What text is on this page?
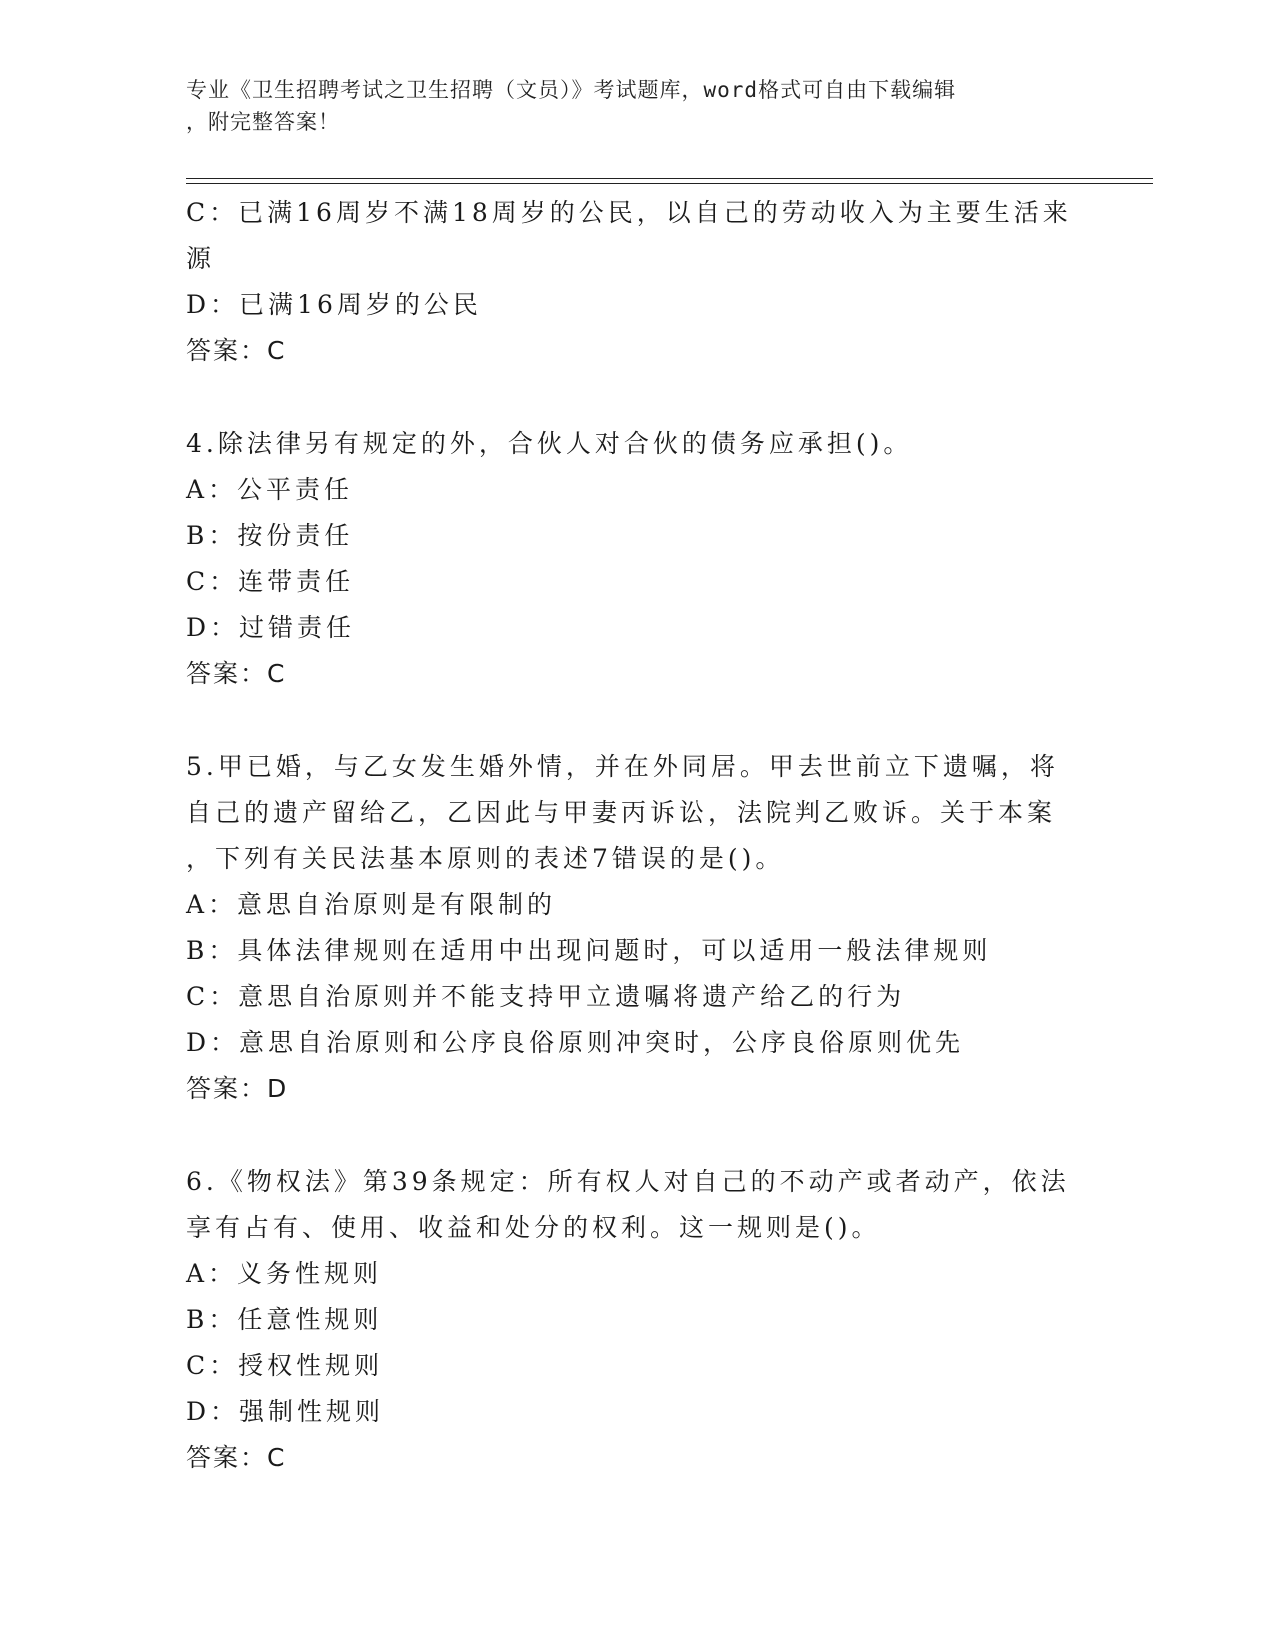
专业《卫生招聘考试之卫生招聘（文员）》考试题库，word格式可自由下载编辑
，附完整答案！
C：已满16周岁不满18周岁的公民，以自己的劳动收入为主要生活来
源
D：已满16周岁的公民
答案：C
4.除法律另有规定的外，合伙人对合伙的债务应承担()。
A：公平责任
B：按份责任
C：连带责任
D：过错责任
答案：C
5.甲已婚，与乙女发生婚外情，并在外同居。甲去世前立下遗嘱，将
自己的遗产留给乙，乙因此与甲妻丙诉讼，法院判乙败诉。关于本案
，下列有关民法基本原则的表述7错误的是()。
A：意思自治原则是有限制的
B：具体法律规则在适用中出现问题时，可以适用一般法律规则
C：意思自治原则并不能支持甲立遗嘱将遗产给乙的行为
D：意思自治原则和公序良俗原则冲突时，公序良俗原则优先
答案：D
6.《物权法》第39条规定：所有权人对自己的不动产或者动产，依法
享有占有、使用、收益和处分的权利。这一规则是()。
A：义务性规则
B：任意性规则
C：授权性规则
D：强制性规则
答案：C
